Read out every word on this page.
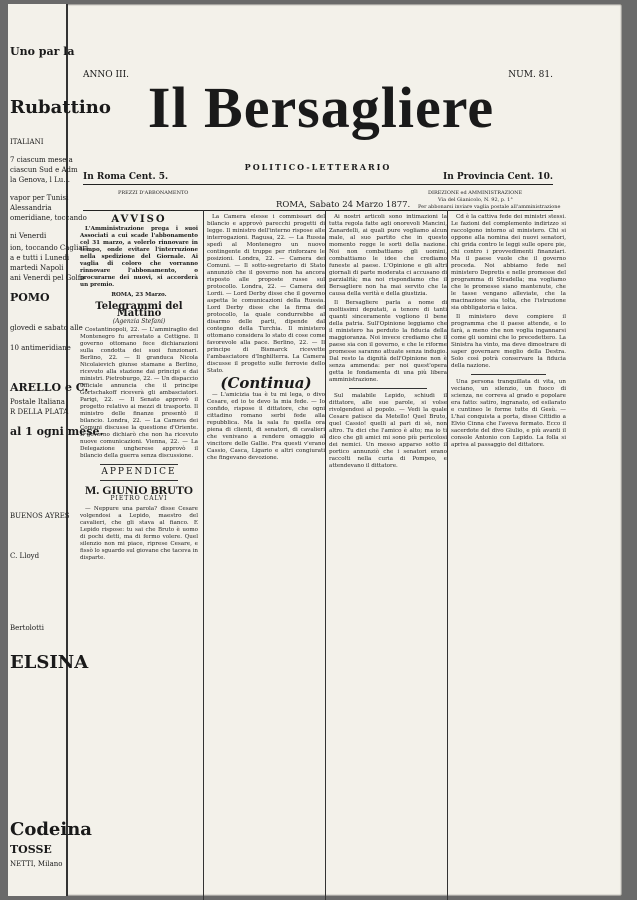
Uno par la
Rubattino
ITALIANI
7 ciascum mese a
ciascun Sud e Adm
la Genova, l Lu...
vapor per Tunisi
Alessandria
omeridiane, toccando
ni Venerdi
ion, toccando Cagliari
a e tutti i Lunedi
martedi Napoli
ani Venerdi pel Golfo
POMO
glovedi e sabato alle
10 antimeridiane
ARELLO e C.
Postale Italiana
R DELLA PLATA
al 1 ogni mese.
BUENOS AYRES
C. Lloyd
Bertolotti
ELSINA
Codeina
TOSSE
NETTI, Milano
ANNO III.	NUM. 81.
Il Bersagliere
In Roma Cent. 5.
POLITICO-LETTERARIO
In Provincia Cent. 10.
PREZZI D'ABBONAMENTO	DIREZIONE ed AMMINISTRAZIONE
Via del Gianicolo, N. 92, p. 1°
Per abbonarsi inviare vaglia postale all'amministrazione
ROMA, Sabato 24 Marzo 1877.
AVVISO

L'Amministrazione prega i suoi Associati a cui scade l'abbonamento col 31 marzo, a volerlo rinnovare in tempo, onde evitare l'interruzione nella spedizione del Giornale. Ai vaglia di coloro che vorranno rinnovare l'abbonamento, o procurarne dei nuovi, si accorderà un premio.

ROMA, 23 Marzo.
Telegrammi del Mattino
(Agenzia Stefani)

Costantinopoli, 22. — L'ammiraglio del Montenegro fu arrestato a Cettigne. Il governo ottomano fece dichiarazioni sulla condotta dei suoi funzionari. Berlino, 22. — Il granduca Nicola Nicolaievich giunse stamane a Berlino, ricevuto alla stazione dai principi e dai ministri. Pietroburgo, 22. — Un dispaccio ufficiale annuncia che il principe Gortschakoff riceverà gli ambasciatori. Parigi, 22. — Il Senato approvò il progetto relativo ai mezzi di trasporto. Il ministro delle finanze presentò il bilancio. Londra, 22. — La Camera dei Comuni discusse la questione d'Oriente. Il governo dichiarò che non ha ricevuto nuove comunicazioni. Vienna, 22. — La Delegazione ungherese approvò il bilancio della guerra senza discussione.

APPENDICE
M. GIUNIO BRUTO
PIETRO CALVI

— Neppure una parola? disse Cesare volgendosi a Lepido, maestro del cavalieri, che gli stava al fianco. E Lepido rispose: tu sai che Bruto è uomo di pochi detti, ma di fermo volere. Quel silenzio non mi piace, riprese Cesare, e fissò lo sguardo sul giovane che taceva in disparte.

La Camera elesse i commissari del bilancio e approvò parecchi progetti di legge. Il ministro dell'interno rispose alle interrogazioni. Ragusa, 22. — La Russia spedì al Montenegro un nuovo contingente di truppe per rinforzare le posizioni. Londra, 22. — Camera dei Comuni. — Il sotto-segretario di Stato annunziò che il governo non ha ancora risposto alle proposte russe sul protocollo. Londra, 22. — Camera dei Lordi. — Lord Derby disse che il governo aspetta le comunicazioni della Russia. Lord Derby disse che la firma del protocollo, la quale condurrebbe al disarmo delle parti, dipende dal contegno della Turchia. Il ministero ottomano considera lo stato di cose come favorevole alla pace. Berlino, 22. — Il principe di Bismarck ricevette l'ambasciatore d'Inghilterra. La Camera discusse il progetto sulle ferrovie dello Stato.

(Continua)

— L'amicizia tua è tu mi lega, o divo Cesare, ed io te devo la mia fede. — Io confido, rispose il dittatore, che ogni cittadino romano serbi fede alla repubblica. Ma la sala fu quella ora piena di clienti, di senatori, di cavalieri che venivano a rendere omaggio al vincitore delle Gallie. Fra questi v'erano Cassio, Casca, Ligario e altri congiurati che fingevano devozione.

Ai nostri articoli sono intimazioni la tutta regola fatte agli onorevoli Mancini, Zanardelli, ai quali pure vogliamo alcun male, al suo partito che in questo momento regge le sorti della nazione. Noi non combattiamo gli uomini, combattiamo le idee che crediamo funeste al paese. L'Opinione e gli altri giornali di parte moderata ci accusano di parzialità; ma noi rispondiamo che il Bersagliere non ha mai servito che la causa della verità e della giustizia.

Il Bersagliere parla a nome di moltissimi deputati, a tenore di tanti quanti sinceramente vogliono il bene della patria. Sull'Opinione leggiamo che il ministero ha perduto la fiducia della maggioranza. Noi invece crediamo che il paese sia con il governo, e che le riforme promesse saranno attuate senza indugio. Dal resto la dignità dell'Opinione non è senza ammenda: per noi quest'opera getta le fondamenta di una più libera amministrazione.

Sul malabile Lepido, schiudi il dittatore, alle sue parole, si volse rivolgendosi al popolo. — Vedi la quale Cesare patisce da Metello! Quel Bruto, quel Cassio! quelli al pari di sè, non altro. Tu dici che l'amico è alto; ma io ti dico che gli amici mi sono più pericolosi dei nemici. Un messo apparso sotto il portico annunziò che i senatori erano raccolti nella curia di Pompeo, e attendevano il dittatore.

Cd è la cattiva fede dei ministri stessi. Le fazioni del complemento indirizzo si raccolgono intorno al ministero. Chi si oppone alla nomina dei nuovi senatori, chi grida contro le leggi sulle opere pie, chi contro i provvedimenti finanziari. Ma il paese vuole che il governo proceda. Noi abbiamo fede nel ministero Depretis e nelle promesse del programma di Stradella; ma vogliamo che le promesse siano mantenute, che le tasse vengano alleviate, che la macinazione sia tolta, che l'istruzione sia obbligatoria e laica.

Il ministero deve compiere il programma che il paese attende, e lo farà, a meno che non voglia ingannarsi come gli uomini che lo precedettero. La Sinistra ha vinto, ma deve dimostrare di saper governare meglio della Destra. Solo così potrà conservare la fiducia della nazione.

Una persona tranquillata di vita, un veciano, un silenzio, un fuoco di scienza, ne correva al grado e popolare era fatto: satiro, ingranato, ed esilarato e cuntineo le forme tutte di Gesù. — L'hai conquista a porta, disse Cittidio a Elvio Cinna che l'aveva fermato. Ecco il sacerdote del divo Giulio, e più avanti il console Antonio con Lepido. La folla si apriva al passaggio del dittatore.
